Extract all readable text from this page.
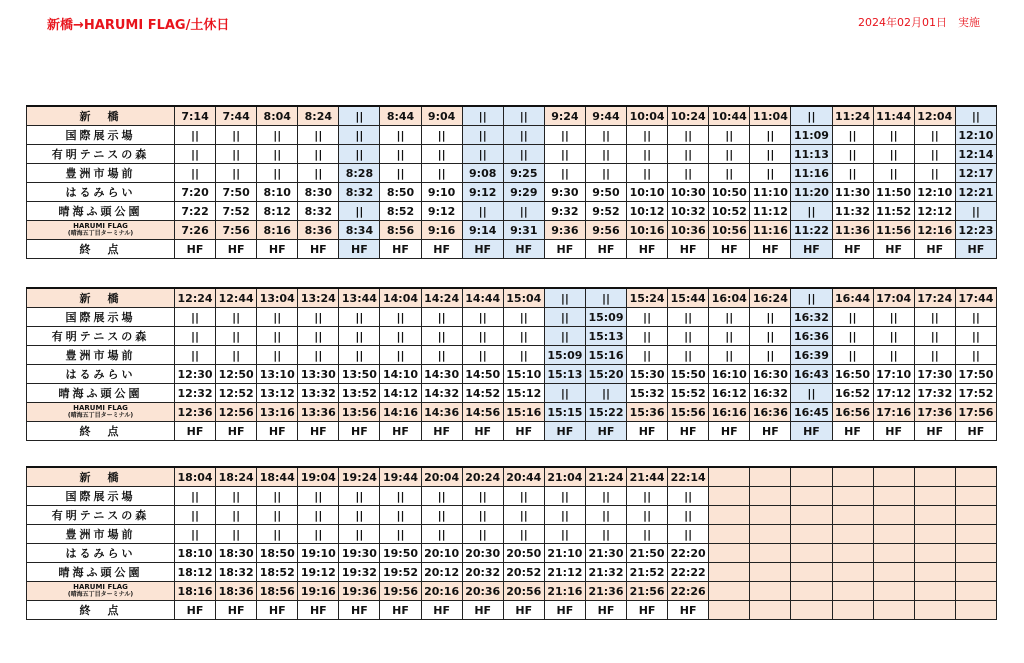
新橋→HARUMI FLAG/土休日	2024年02月01日　実施
新　橋	7:14	7:44	8:04	8:24	||	8:44	9:04	||	||	9:24	9:44	10:04	10:24	10:44	11:04	||	11:24	11:44	12:04	||
国際展示場	||	||	||	||	||	||	||	||	||	||	||	||	||	||	||	11:09	||	||	||	12:10
有明テニスの森	||	||	||	||	||	||	||	||	||	||	||	||	||	||	||	11:13	||	||	||	12:14
豊洲市場前	||	||	||	||	8:28	||	||	9:08	9:25	||	||	||	||	||	||	11:16	||	||	||	12:17
はるみらい	7:20	7:50	8:10	8:30	8:32	8:50	9:10	9:12	9:29	9:30	9:50	10:10	10:30	10:50	11:10	11:20	11:30	11:50	12:10	12:21
晴海ふ頭公園	7:22	7:52	8:12	8:32	||	8:52	9:12	||	||	9:32	9:52	10:12	10:32	10:52	11:12	||	11:32	11:52	12:12	||

HARUMI FLAG
(晴海五丁目ターミナル)	7:26	7:56	8:16	8:36	8:34	8:56	9:16	9:14	9:31	9:36	9:56	10:16	10:36	10:56	11:16	11:22	11:36	11:56	12:16	12:23
終　点	HF	HF	HF	HF	HF	HF	HF	HF	HF	HF	HF	HF	HF	HF	HF	HF	HF	HF	HF	HF
新　橋	12:24	12:44	13:04	13:24	13:44	14:04	14:24	14:44	15:04	||	||	15:24	15:44	16:04	16:24	||	16:44	17:04	17:24	17:44
国際展示場	||	||	||	||	||	||	||	||	||	||	15:09	||	||	||	||	16:32	||	||	||	||
有明テニスの森	||	||	||	||	||	||	||	||	||	||	15:13	||	||	||	||	16:36	||	||	||	||
豊洲市場前	||	||	||	||	||	||	||	||	||	15:09	15:16	||	||	||	||	16:39	||	||	||	||
はるみらい	12:30	12:50	13:10	13:30	13:50	14:10	14:30	14:50	15:10	15:13	15:20	15:30	15:50	16:10	16:30	16:43	16:50	17:10	17:30	17:50
晴海ふ頭公園	12:32	12:52	13:12	13:32	13:52	14:12	14:32	14:52	15:12	||	||	15:32	15:52	16:12	16:32	||	16:52	17:12	17:32	17:52

HARUMI FLAG
(晴海五丁目ターミナル)	12:36	12:56	13:16	13:36	13:56	14:16	14:36	14:56	15:16	15:15	15:22	15:36	15:56	16:16	16:36	16:45	16:56	17:16	17:36	17:56
終　点	HF	HF	HF	HF	HF	HF	HF	HF	HF	HF	HF	HF	HF	HF	HF	HF	HF	HF	HF	HF
新　橋	18:04	18:24	18:44	19:04	19:24	19:44	20:04	20:24	20:44	21:04	21:24	21:44	22:14							
国際展示場	||	||	||	||	||	||	||	||	||	||	||	||	||							
有明テニスの森	||	||	||	||	||	||	||	||	||	||	||	||	||							
豊洲市場前	||	||	||	||	||	||	||	||	||	||	||	||	||							
はるみらい	18:10	18:30	18:50	19:10	19:30	19:50	20:10	20:30	20:50	21:10	21:30	21:50	22:20							
晴海ふ頭公園	18:12	18:32	18:52	19:12	19:32	19:52	20:12	20:32	20:52	21:12	21:32	21:52	22:22							

HARUMI FLAG
(晴海五丁目ターミナル)	18:16	18:36	18:56	19:16	19:36	19:56	20:16	20:36	20:56	21:16	21:36	21:56	22:26							
終　点	HF	HF	HF	HF	HF	HF	HF	HF	HF	HF	HF	HF	HF							
